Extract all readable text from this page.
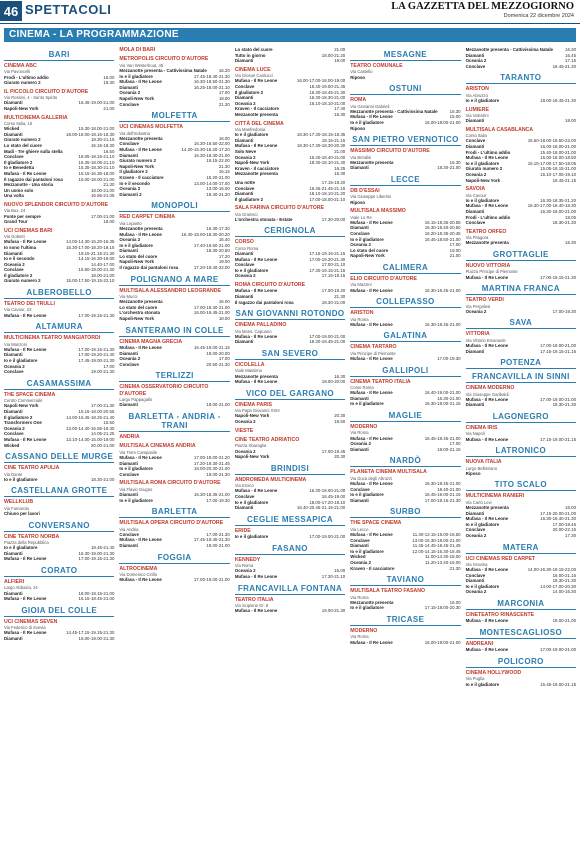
46 SPETTACOLI	LA GAZZETTA DEL MEZZOGIORNO
Domenica 22 dicembre 2024
CINEMA - LA PROGRAMMAZIONE
BARI
CINEMA ABC
Via Pavoncelli
Frodi - L'ultimo addio	16.00
Giurato numero 2	18.30
IL PICCOLO CIRCUITO D'AUTORE
Via Rossini, 4 - Santo Spirito
Diamanti	16.45-19.00-21.00
Napoli-New York	21.00
MULTICINEMA GALLERIA
Corso Italia, 15
Wicked	15.30-18.00-21.00
Diamanti	18.00-18.00-18.15-18.30
Giurato numero 2	18.30-21.15
Lo stato del cuore	16.15-19.30
Madi - Tre ghiere sulla stella	16.50
Conclave	18.05-18.15-21.10
Il gladiatore 2	15.35-18.05-21.10
Io e Benedetta	15.35-18.30-21.10
Mufasa - Il Re Leone	15.15-16.35-18.00
Il ragazzo dai pantaloni rosa	16.00-18.00-21.00
Mezzanotte - Una storia	21.30
Un uomo solo	18.00-21.00
Una volta	16.55-21.05
NUOVO SPLENDOR CIRCUITO D'AUTORE
Via Bux, 24
Fonte per sempre	17.00-21.00
Grand Tour	18.00
UCI CINEMAS BARI
Via Gobetti
Mufasa - Il Re Leone	14.00-14.30-15.20-16.35
Io sono l'ultima	16.30-17.00-18.20-19.15
Diamanti	19.15-21.15-21.30
Io e il secondo	14.15-16.30-19.00
Oceania 2	14.40-17.00
Conclave	16.50-19.00-21.30
Il gladiatore 2	18.00-21.00
Giurato numero 2	15.00-17.50-19.15-22.10
ALBEROBELLO
TEATRO DEI TRULLI
Via Cavour, 23
Mufasa - Il Re Leone	17.00-19.15-21.30
ALTAMURA
MULTICINEMA TEATRO MANGIATORDI
Via Manzoni
Mufasa - Il Re Leone	17.00-19.15-21.30
Diamanti	17.00-19.20-21.40
Io e il gladiatore	17.45-19.00-21.30
Oceania 2	17.00
Conclave	19.00-21.30
CASAMASSIMA
THE SPACE CINEMA
Centro Commerciale
Napoli-New York	17.00-21.30
Diamanti	15.15-18.00-20.55
Il gladiatore 2	14.00-15.45-18.25-21.40
Transformers One	15.50
Oceania 2	13.00-14.40-16.55-18.30
Conclave	14.05-21.25
Mufasa - Il Re Leone	13.10-14.00-15.00-19.00
Wicked	20.00-21.00
CASSANO DELLE MURGE
CINE TEATRO APULIA
Via Dante
Io e il gladiatore	18.30-21.00
CASTELLANA GROTTE
WELLKLUB
Via Fumarola
Chiuso per lavori
CONVERSANO
CINE TEATRO NORBA
Piazza della Repubblica
Io e il gladiatore	18.45-21.40
Diamanti	16.30-19.00-21.30
Mufasa - Il Re Leone	17.00-19.15-21.30
CORATO
ALFIERI
Largo Abbazia, 24
Diamanti	18.00-18.15-21.00
Mufasa - Il Re Leone	16.15-18.45-21.00
GIOIA DEL COLLE
UCI CINEMAS SEVEN
Via Federico di Svevia
Mufasa - Il Re Leone	14.45-17.15-19.15-21.30
Diamanti	16.00-19.00-21.30
MOLA DI BARI
METROPOLIS CIRCUITO D'AUTORE
Via Van Westerhout, 45
Mezzanotte presenta - Cattivissima Natale	16.20
Io e il gladiatore	17.45-18.40-21.30
Mufasa - Il Re Leone	16.30-18.50-21.30
Diamanti	16.25-18.00-21.10
Oceania 2	17.00
Napoli-New York	18.00
Conclave	21.20
MOLFETTA
UCI CINEMAS MOLFETTA
Via dell'Industria
Mezzanotte presenta	16.00
Conclave	16.30-18.50-22.00
Mufasa - Il Re Leone	14.20-15.30-16.20-17.20
Diamanti	16.30-18.30-21.00
Giurato numero 2	19.15-22.00
Napoli-New York	21.30
Il gladiatore 2	16.15
Kraven - Il cacciatore	15.20-21.00
Io e il secondo	13.00-14.00-17.00
Oceania 2	13.00-15.00
Diamanti 2	18.40-21.20
MONOPOLI
RED CARPET CINEMA
Via Lepanto
Mezzanotte presenta	16.30-17.30
Mufasa - Il Re Leone	16.40-18.00-18.30-20.20
Oceania 2	16.40
Io e il gladiatore	17.40-19.50-21.00
Diamanti	18.30-20.50
Lo stato del cuore	17.20
Napoli-New York	19.00
Il ragazzo dai pantaloni rosa	17.20-19.40-22.00
POLIGNANO A MARE
MULTISALA ALESSANDRO LEOGRANDE
Via Mucci
Mezzanotte presenta	16.00
Lo stato del cuore	17.00-18.30-21.00
L'orchestra stonata	16.00-19.45-21.00
Napoli-New York	18.00
SANTERAMO IN COLLE
CINEMA MAGNA GRECIA
Mufasa - Il Re Leone	16.45-19.00-21.15
Diamanti	18.00-20.00
Oceania 2	17.00
Conclave	20.50-21.30
TERLIZZI
CINEMA OSSERVATORIO CIRCUITO D'AUTORE
Largo Pappagallo
Diamanti	18.00-21.00
BARLETTA - ANDRIA - TRANI
ANDRIA
MULTISALA CINEMAS ANDRIA
Via Torre Campanile
Mufasa - Il Re Leone	17.00-19.00-21.20
Diamanti	17.20-19.30-21.45
Io e il gladiatore	18.00-20.30-21.00
Conclave	19.00-21.30
MULTISALA ROMA CIRCUITO D'AUTORE
Via Flavio Giugno
Diamanti	16.30-18.35-21.00
Io e il gladiatore	17.00-19.30
BARLETTA
MULTISALA OPERA CIRCUITO D'AUTORE
Via Andria
Conclave	17.00-21.30
Mufasa - Il Re Leone	17.45-19.45-21.30
Diamanti	18.00-21.00
FOGGIA
ALTROCINEMA
Via Domenico Cirillo
Mufasa - Il Re Leone	17.00-19.00-21.00
Lo stato del cuore	21.00
Tutto in giorno	18.00-21.20
Diamanti	19.00
CINEMA LUCE
Via Giosuè Carducci
Mufasa - Il Re Leone	16.00-17.00-18.00-19.00
Conclave	18.40-19.00-21.45
Il gladiatore 2	16.30-18.45-21.30
Diamanti	16.30-18.30-21.00
Oceania 2	16.10-18.10-21.00
Kraven - Il cacciatore	17.40
Mezzanotte presenta	16.30
CITTÀ DEL CINEMA
Via Manfredonia
Io e il gladiatore	18.30-17.30-18.15-18.35
Diamanti	18.15-21.15
Mufasa - Il Re Leone	18.30-17.30-18.30-20.30
Solo Neve	21.00
Oceania 2	16.40-18.40-21.00
Napoli-New York	18.30-18.10-21.40
Kraven - Il cacciatore	16.25
Mezzanotte presenta	16.30
Una notte	17.15-19.20
Conclave	16.45-21.45-21.15
Diamanti	18.10-18.10-21.20
Il gladiatore 2	17.00-18.00-21.10
SALA FARINA CIRCUITO D'AUTORE
Via Gramsci
L'orchestra stonata - Estate	17.30-20.00
CERIGNOLA
CORSO
Corso Roma
Diamanti	17.15-19.15-21.15
Mufasa - Il Re Leone	17.00-19.30-21.30
Conclave	17.00-21.10
Io e il gladiatore	17.30-19.15-21.15
Oceania 2	17.15-19.15
ROMA CIRCUITO D'AUTORE
Mufasa - Il Re Leone	17.00-19.20
Diamanti	21.30
Il ragazzo dai pantaloni rosa	18.30-21.00
SAN GIOVANNI ROTONDO
CINEMA PALLADINO
Via Mons. Capuano
Mufasa - Il Re Leone	17.00-19.00-21.00
Diamanti	18.30-18.45-21.00
SAN SEVERO
CICOLELLA
Viale Massimo
Mezzanotte presenta	16.30
Mufasa - Il Re Leone	18.00-20.00
VICO DEL GARGANO
CINEMA PARIS
Via Papa Giovanni XXIII
Napoli-New York	20.30
Oceania 2	18.50
VIESTE
CINE TEATRO ADRIATICO
Piazza Sbaraglia
Oceania 2	17.00-19.45
Napoli-New York	20.30
BRINDISI
ANDROMEDA MULTICINEMA
Via Eroico
Mufasa - Il Re Leone	16.30-18.00-21.00
Conclave	16.45-19.00
Io e il gladiatore	18.00-17.20-18.10
Diamanti	16.40-20.45-21.15-21.00
CEGLIE MESSAPICA
ERIDE
Io e il gladiatore	17.00-19.00-21.00
FASANO
KENNEDY
Via Roma
Oceania 2	16.00
Mufasa - Il Re Leone	17.30-21.10
FRANCAVILLA FONTANA
TEATRO ITALIA
Via Scipione Gr. 8
Mufasa - Il Re Leone	19.00-21.30
MESAGNE
TEATRO COMUNALE
Via Castello
Riposo
OSTUNI
ROMA
Via Giovanni Gabrieli
Mezzanotte presenta - Cattivissima Natale	16.30
Mufasa - Il Re Leone	15.00
Io e il gladiatore	16.00-18.00-21.00
Riposo
SAN PIETRO VERNOTICO
MASSIMO CIRCUITO D'AUTORE
Via Brindisi
Mezzanotte presenta	16.30
Diamanti	18.30-21.00
LECCE
DB D'ESSAI
Via Giuseppe Libertini
Riposo
MULTISALA MASSIMO
Viale Lo Re
Mufasa - Il Re Leone	16.15-18.35-20.55
Diamanti	16.30-18.40-20.50
Conclave	16.20-18.35-20.45
Io e il gladiatore	16.45-18.50-21.00
Oceania 2	17.00
Lo stato del cuore	19.00
Napoli-New York	21.00
CALIMERA
ELIO CIRCUITO D'AUTORE
Via Mazzini
Mufasa - Il Re Leone	16.30-18.45-21.00
COLLEPASSO
ARISTON
Via Roma
Mufasa - Il Re Leone	16.30-18.45-21.00
GALATINA
CINEMA TARTARO
Via Principe di Piemonte
Mufasa - Il Re Leone	17.00-19.30
GALLIPOLI
CINEMA TEATRO ITALIA
Corso Roma
Mufasa - Il Re Leone	16.40-19.00-21.00
Diamanti	16.30-21.00
Io e il gladiatore	16.30-18.00-21.15
MAGLIE
MODERNO
Via Roma
Mufasa - Il Re Leone	16.45-18.45-21.00
Oceania 2	17.00
Diamanti	19.00-21.15
NARDÒ
PLANETA CINEMA MULTISALA
Via Duca degli Abruzzi
Mufasa - Il Re Leone	16.30-18.45-21.00
Conclave	18.40-21.00
Io e il gladiatore	16.45-19.00-21.15
Diamanti	17.00-19.15-21.30
SURBO
THE SPACE CINEMA
Via Lecce
Mufasa - Il Re Leone	11.30-13.15-15.00-16.50
Conclave	13.00-15.30-18.00-21.00
Diamanti	11.45-14.45-18.45-21.45
Io e il gladiatore	12.00-14.15-16.30-18.45
Wicked	11.00-14.30-18.00
Oceania 2	11.20-13.40-16.00
Kraven - Il cacciatore	21.30
TAVIANO
MULTISALA TEATRO FASANO
Via Roma
Mezzanotte presenta	16.00
Io e il gladiatore	17.15-18.00-20.30
TRICASE
MODERNO
Via Roma
Mufasa - Il Re Leone	16.00-19.00-21.00
Mezzanotte presenta - Cattivissima Natale	16.30
Diamanti	16.45
Oceania 2	17.15
Conclave	18.45-21.30
TARANTO
ARISTON
Via Abruzzo
Io e il gladiatore	18.00-18.45-21.30
LUMIERE
Via Valentini
Diamanti	18.00
MULTISALA CASABLANCA
Corso Italia
Conclave	15.50-18.00-18.50-22.00
Diamanti	16.00-18.00-21.00
Frodi - L'ultimo addio	15.40-18.00-21.00
Mufasa - Il Re Leone	15.00-18.00-18.50
Io e il gladiatore	15.15-17.00-17.50-19.05
Giurato numero 2	15.05-18.15-21.00
Oceania 2	15.10-17.05-19.10
Napoli-New York	18.45-21.15
SAVOIA
Via Cavour
Io e il gladiatore	16.30-18.35-21.20
Mufasa - Il Re Leone	16.30-17.00-18.40-18.30
Diamanti	16.30-18.00-21.00
Frodi - L'ultimo addio	18.05
Conclave	18.30-21.30
TEATRO ORFEO
Via Pitagora
Mezzanotte presenta	16.30
GROTTAGLIE
NUOVO VITTORIA
Piazza Principe di Piemonte
Mufasa - Il Re Leone	17.00-19.15-21.30
MARTINA FRANCA
TEATRO VERDI
Via Pergolesi
Oceania 2	17.00-19.30
SAVA
VITTORIA
Via Vittorio Emanuele
Mufasa - Il Re Leone	17.00-19.00-21.00
Diamanti	17.15-19.15-21.15
POTENZA
FRANCAVILLA IN SINNI
CINEMA MODERNO
Via Giuseppe Garibaldi
Mufasa - Il Re Leone	17.00-19.00-21.00
Diamanti	18.30-21.30
LAGONEGRO
CINEMA IRIS
Via Napoli
Mufasa - Il Re Leone	17.15-19.00-21.15
LATRONICO
NUOVA ITALIA
Largo Bellistrano
Riposo
TITO SCALO
MULTICINEMA RANIERI
Via Carlo Levi
Mezzanotte presenta	16.00
Diamanti	17.15-20.00-21.00
Mufasa - Il Re Leone	16.30-18.40-21.30
Io e il gladiatore	17.00-19.45
Conclave	20.00-22.15
Oceania 2	17.30
MATERA
UCI CINEMAS RED CARPET
Via Gravina
Mufasa - Il Re Leone	14.00-16.30-19.15-22.00
Conclave	16.00-21.15
Diamanti	18.30-21.30
Io e il gladiatore	14.00-17.00-20.30
Oceania 2	14.00-16.30
MARCONIA
CINETEATRO RINASCENTE
Mufasa - Il Re Leone	18.00-21.00
MONTESCAGLIOSO
ANDREANI
Mufasa - Il Re Leone	17.00-19.00-21.00
POLICORO
CINEMA HOLLYWOOD
Via Puglia
Io e il gladiatore	16.45-19.00-21.15
